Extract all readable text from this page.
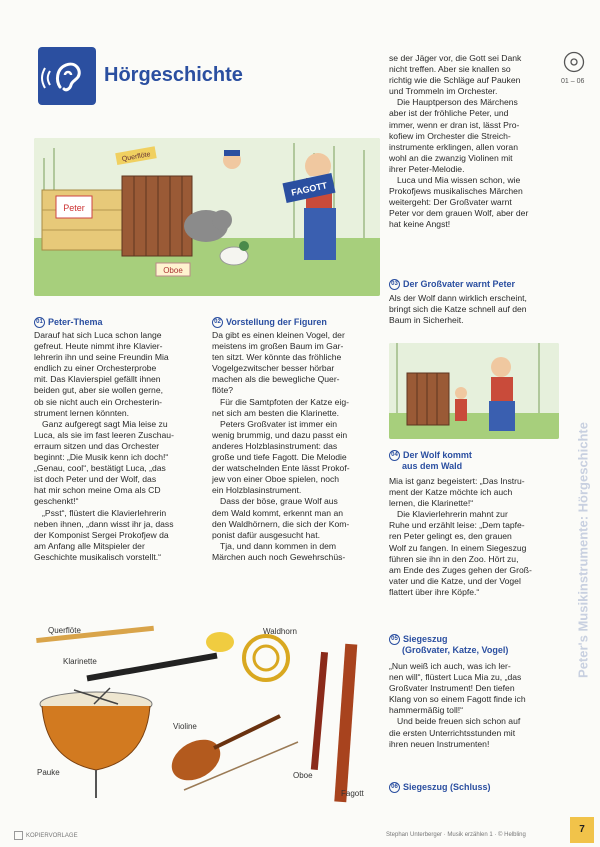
Hörgeschichte	01 – 06
se der Jäger vor, die Gott sei Dank
nicht treffen. Aber sie knallen so
richtig wie die Schläge auf Pauken
und Trommeln im Orchester.
Die Hauptperson des Märchens
aber ist der fröhliche Peter, und
immer, wenn er dran ist, lässt Pro-
kofiew im Orchester die Streich-
instrumente erklingen, allen voran
wohl an die zwanzig Violinen mit
ihrer Peter-Melodie.
Luca und Mia wissen schon, wie
Prokofjews musikalisches Märchen
weitergeht: Der Großvater warnt
Peter vor dem grauen Wolf, aber der
hat keine Angst!
Peter
Oboe
Querflöte
FAGOTT
01 Peter-Thema
Darauf hat sich Luca schon lange
gefreut. Heute nimmt ihre Klavier-
lehrerin ihn und seine Freundin Mia
endlich zu einer Orchesterprobe
mit. Das Klavierspiel gefällt ihnen
beiden gut, aber sie wollen gerne,
ob sie nicht auch ein Orchesterin-
strument lernen könnten.
Ganz aufgeregt sagt Mia leise zu
Luca, als sie im fast leeren Zuschau-
erraum sitzen und das Orchester
beginnt: „Die Musik kenn ich doch!“
„Genau, cool“, bestätigt Luca, „das
ist doch Peter und der Wolf, das
hat mir schon meine Oma als CD
geschenkt!“
„Psst“, flüstert die Klavierlehrerin
neben ihnen, „dann wisst ihr ja, dass
der Komponist Sergei Prokofjew da
am Anfang alle Mitspieler der
Geschichte musikalisch vorstellt.“
02 Vorstellung der Figuren
Da gibt es einen kleinen Vogel, der
meistens im großen Baum im Gar-
ten sitzt. Wer könnte das fröhliche
Vogelgezwitscher besser hörbar
machen als die bewegliche Quer-
flöte?
Für die Samtpfoten der Katze eig-
net sich am besten die Klarinette.
Peters Großvater ist immer ein
wenig brummig, und dazu passt ein
anderes Holzblasinstrument: das
große und tiefe Fagott. Die Melodie
der watschelnden Ente lässt Prokof-
jew von einer Oboe spielen, noch
ein Holzblasinstrument.
Dass der böse, graue Wolf aus
dem Wald kommt, erkennt man an
den Waldhörnern, die sich der Kom-
ponist dafür ausgesucht hat.
Tja, und dann kommen in dem
Märchen auch noch Gewehrschüs-
03 Der Großvater warnt Peter
Als der Wolf dann wirklich erscheint,
bringt sich die Katze schnell auf den
Baum in Sicherheit.
04 Der Wolf kommt
aus dem Wald
Mia ist ganz begeistert: „Das Instru-
ment der Katze möchte ich auch
lernen, die Klarinette!“
Die Klavierlehrerin mahnt zur
Ruhe und erzählt leise: „Dem tapfe-
ren Peter gelingt es, den grauen
Wolf zu fangen. In einem Siegeszug
führen sie ihn in den Zoo. Hört zu,
am Ende des Zuges gehen der Groß-
vater und die Katze, und der Vogel
flattert über ihre Köpfe.“
05 Siegeszug
(Großvater, Katze, Vogel)
„Nun weiß ich auch, was ich ler-
nen will“, flüstert Luca Mia zu, „das
Großvater Instrument! Den tiefen
Klang von so einem Fagott finde ich
hammermäßig toll!“
Und beide freuen sich schon auf
die ersten Unterrichtsstunden mit
ihren neuen Instrumenten!
06 Siegeszug (Schluss)
Querflöte
Klarinette
Waldhorn
Violine
Pauke	Oboe
Fagott
Peter's Musikinstrumente: Hörgeschichte
KOPIERVORLAGE	Stephan Unterberger · Musik erzählen 1 · © Helbling	7
